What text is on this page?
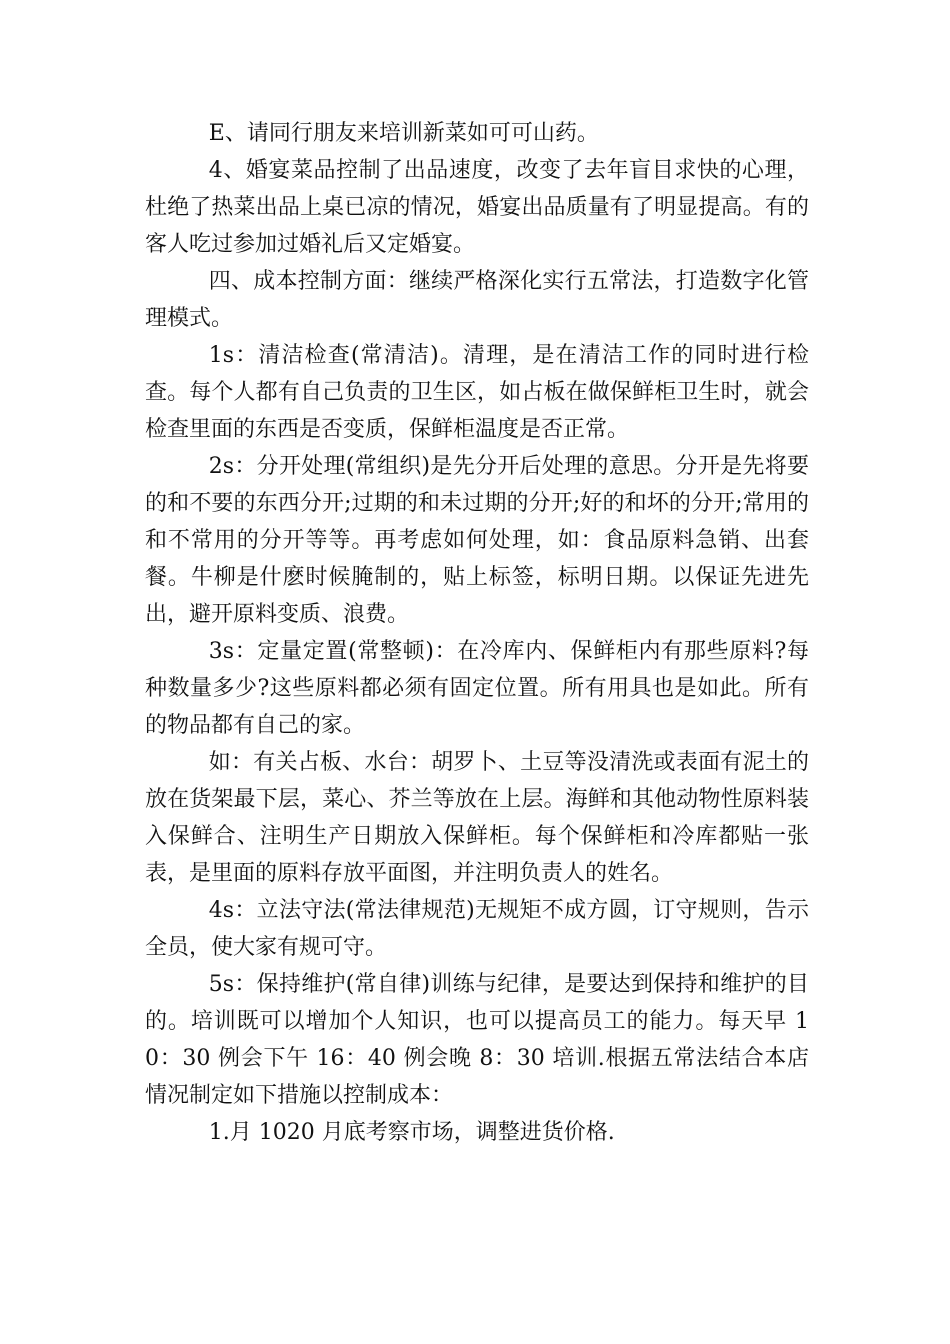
E、请同行朋友来培训新菜如可可山药。

4、婚宴菜品控制了出品速度，改变了去年盲目求快的心理，杜绝了热菜出品上桌已凉的情况，婚宴出品质量有了明显提高。有的客人吃过参加过婚礼后又定婚宴。

四、成本控制方面：继续严格深化实行五常法，打造数字化管理模式。

1s：清洁检查(常清洁)。清理，是在清洁工作的同时进行检查。每个人都有自己负责的卫生区，如占板在做保鲜柜卫生时，就会检查里面的东西是否变质，保鲜柜温度是否正常。

2s：分开处理(常组织)是先分开后处理的意思。分开是先将要的和不要的东西分开;过期的和未过期的分开;好的和坏的分开;常用的和不常用的分开等等。再考虑如何处理，如：食品原料急销、出套餐。牛柳是什麽时候腌制的，贴上标签，标明日期。以保证先进先出，避开原料变质、浪费。

3s：定量定置(常整顿)：在冷库内、保鲜柜内有那些原料?每种数量多少?这些原料都必须有固定位置。所有用具也是如此。所有的物品都有自己的家。

如：有关占板、水台：胡罗卜、土豆等没清洗或表面有泥土的放在货架最下层，菜心、芥兰等放在上层。海鲜和其他动物性原料装入保鲜合、注明生产日期放入保鲜柜。每个保鲜柜和冷库都贴一张表，是里面的原料存放平面图，并注明负责人的姓名。

4s：立法守法(常法律规范)无规矩不成方圆，订守规则，告示全员，使大家有规可守。

5s：保持维护(常自律)训练与纪律，是要达到保持和维护的目的。培训既可以增加个人知识，也可以提高员工的能力。每天早 10：30 例会下午 16：40 例会晚 8：30 培训.根据五常法结合本店情况制定如下措施以控制成本：

1.月 1020 月底考察市场，调整进货价格.
